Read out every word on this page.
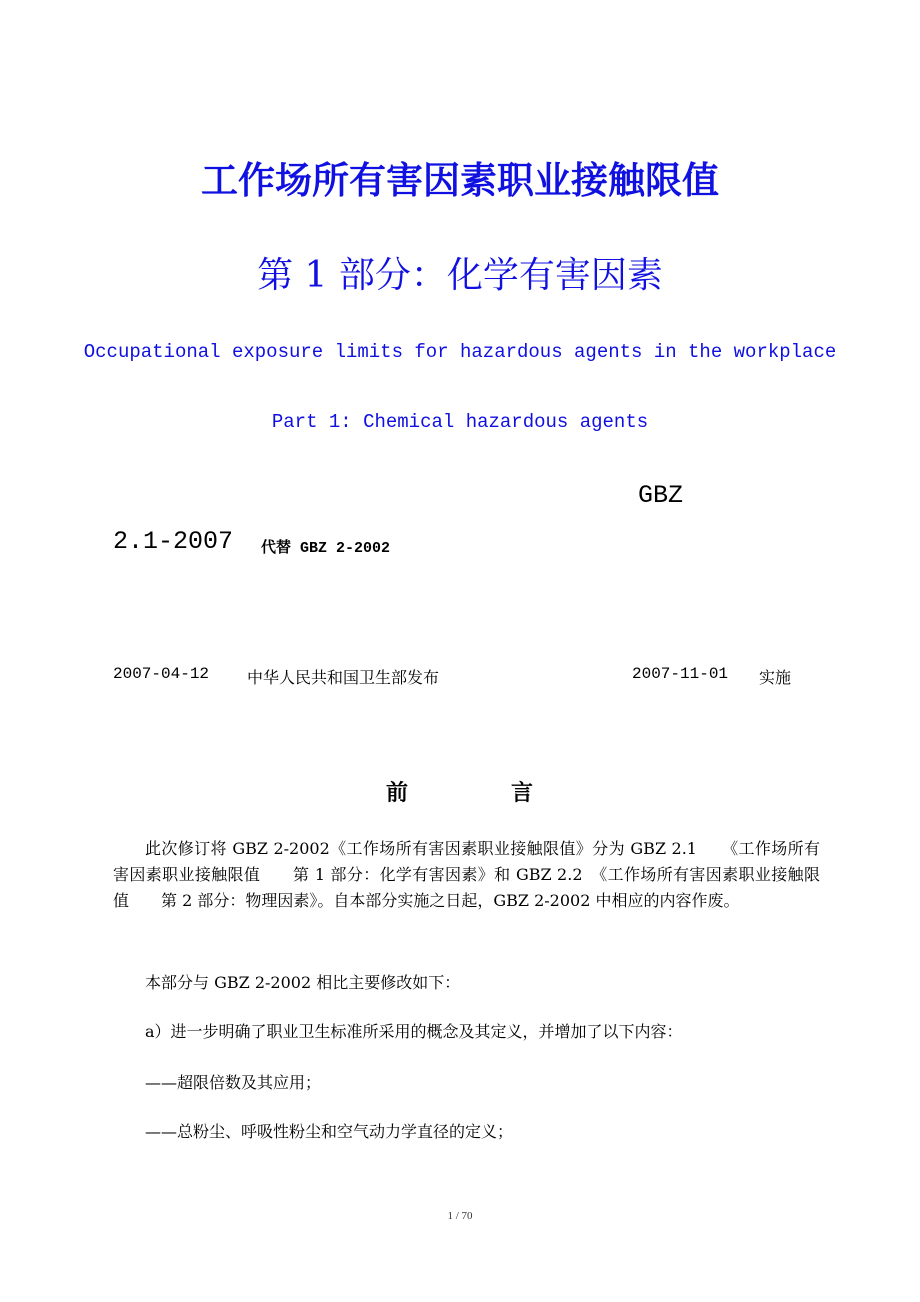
工作场所有害因素职业接触限值
第 1 部分：化学有害因素
Occupational exposure limits for hazardous agents in the workplace
Part 1: Chemical hazardous agents
GBZ
2.1-2007 代替 GBZ 2-2002
2007-04-12 中华人民共和国卫生部发布	2007-11-01 实施
前	言
此次修订将 GBZ 2-2002《工作场所有害因素职业接触限值》分为 GBZ 2.1　　《工作场所有害因素职业接触限值　　第 1 部分：化学有害因素》和 GBZ 2.2　《工作场所有害因素职业接触限值　　第 2 部分：物理因素》。自本部分实施之日起，GBZ 2-2002 中相应的内容作废。
本部分与 GBZ 2-2002 相比主要修改如下：
a）进一步明确了职业卫生标准所采用的概念及其定义，并增加了以下内容：
——超限倍数及其应用；
——总粉尘、呼吸性粉尘和空气动力学直径的定义；
1 / 70
